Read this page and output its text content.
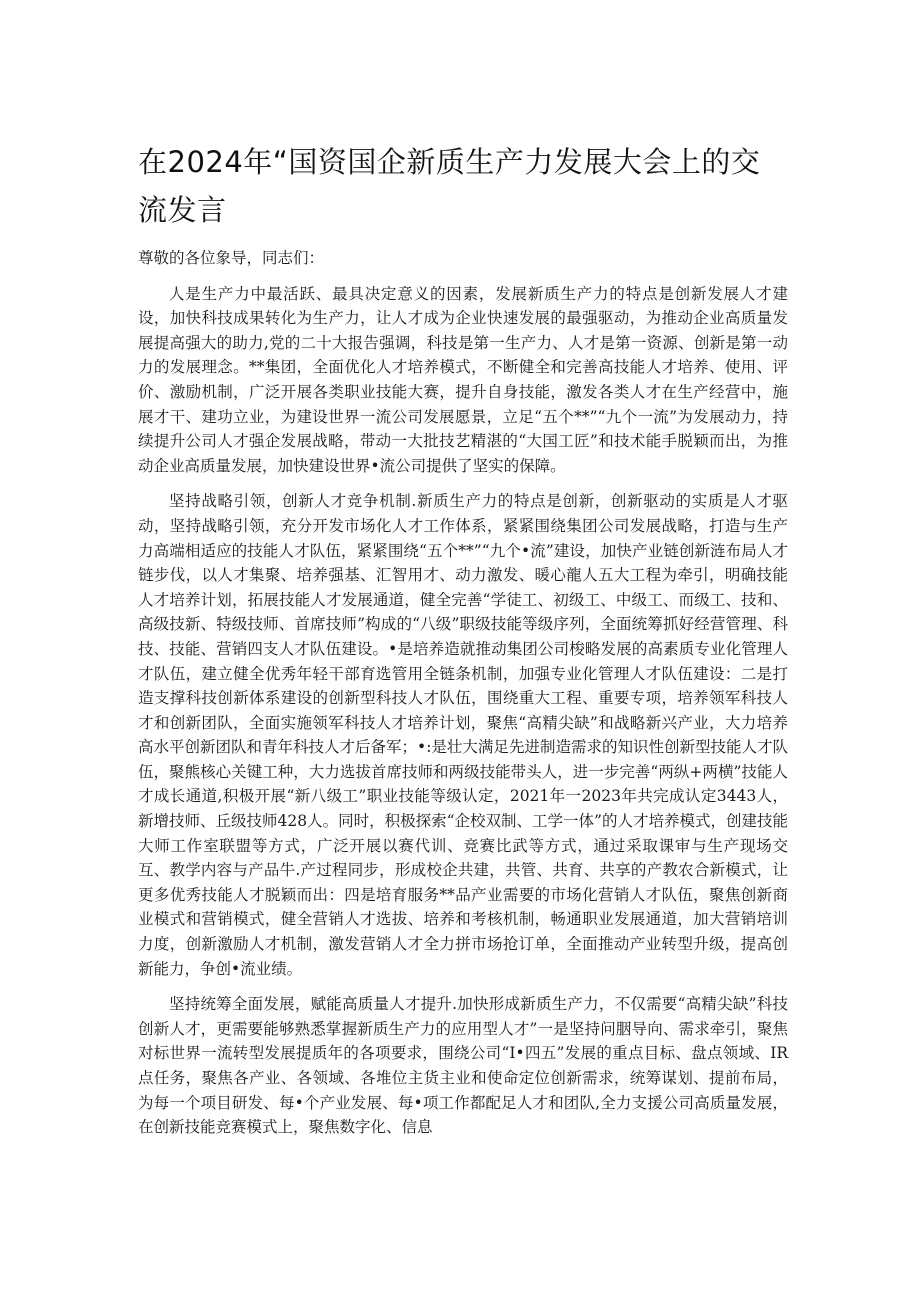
在2024年“国资国企新质生产力发展大会上的交流发言

尊敬的各位象导，同志们：

人是生产力中最活跃、最具决定意义的因素，发展新质生产力的特点是创新发展人才建设，加快科技成果转化为生产力，让人才成为企业快速发展的最强驱动，为推动企业高质量发展提高强大的助力,党的二十大报告强调，科技是第一生产力、人才是第一资源、创新是第一动力的发展理念。**集团，全面优化人才培养模式，不断健全和完善高技能人才培养、使用、评价、激励机制，广泛开展各类职业技能大赛，提升自身技能，激发各类人才在生产经营中，施展才干、建功立业，为建设世界一流公司发展愿景，立足“五个**”“九个一流”为发展动力，持续提升公司人才强企发展战略，带动一大批技艺精湛的“大国工匠”和技术能手脱颖而出，为推动企业高质量发展，加快建设世界•流公司提供了坚实的保障。

坚持战略引领，创新人才竞争机制.新质生产力的特点是创新，创新驱动的实质是人才驱动，坚持战略引领，充分开发市场化人才工作体系，紧紧围绕集团公司发展战略，打造与生产力高端相适应的技能人才队伍，紧紧围绕“五个**”“九个•流”建设，加快产业链创新涟布局人才链步伐，以人才集聚、培养强基、汇智用才、动力激发、暖心龍人五大工程为牵引，明确技能人才培养计划，拓展技能人才发展通道，健全完善“学徒工、初级工、中级工、而级工、技和、高级技新、特级技师、首席技师”构成的“八级”职级技能等级序列，全面统筹抓好经营管理、科技、技能、营销四支人才队伍建设。•是培养造就推动集团公司梭略发展的高素质专业化管理人才队伍，建立健全优秀年轻干部育选管用全链条机制，加强专业化管理人才队伍建设：二是打造支撑科技创新体系建设的创新型科技人才队伍，围绕重大工程、重要专项，培养领军科技人才和创新团队，全面实施领军科技人才培养计划，聚焦“高精尖缺”和战略新兴产业，大力培养高水平创新团队和青年科技人才后备军；•:是壮大满足先进制造需求的知识性创新型技能人才队伍，聚熊核心关键工种，大力选拔首席技师和两级技能带头人，进一步完善“两纵+两横”技能人才成长通道,积极开展“新八级工”职业技能等级认定，2021年一2023年共完成认定3443人，新增技师、丘级技师428人。同时，积极探索“企校双制、工学一体”的人才培养模式，创建技能大师工作室联盟等方式，广泛开展以赛代训、竞赛比武等方式，通过采取课审与生产现场交互、教学内容与产品牛.产过程同步，形成校企共建，共管、共育、共享的产教农合新模式，让更多优秀技能人才脱颖而出：四是培育服务**品产业需要的市场化营销人才队伍，聚焦创新商业模式和营销模式，健全营销人才选拔、培养和考核机制，畅通职业发展通道，加大营销培训力度，创新激励人才机制，激发营销人才全力拼市场抢订单，全面推动产业转型升级，提高创新能力，争创•流业绩。

坚持统筹全面发展，赋能高质量人才提升.加快形成新质生产力，不仅需要“高精尖缺”科技创新人才，更需要能够熟悉掌握新质生产力的应用型人才”一是坚持问胭导向、需求牵引，聚焦对标世界一流转型发展提质年的各项要求，围绕公司“I•四五”发展的重点目标、盘点领域、IR点任务，聚焦各产业、各领域、各堆位主货主业和使命定位创新需求，统筹谋划、提前布局，为每一个项目研发、每•个产业发展、每•项工作都配足人才和团队,全力支援公司高质量发展，在创新技能竞赛模式上，聚焦数字化、信息
